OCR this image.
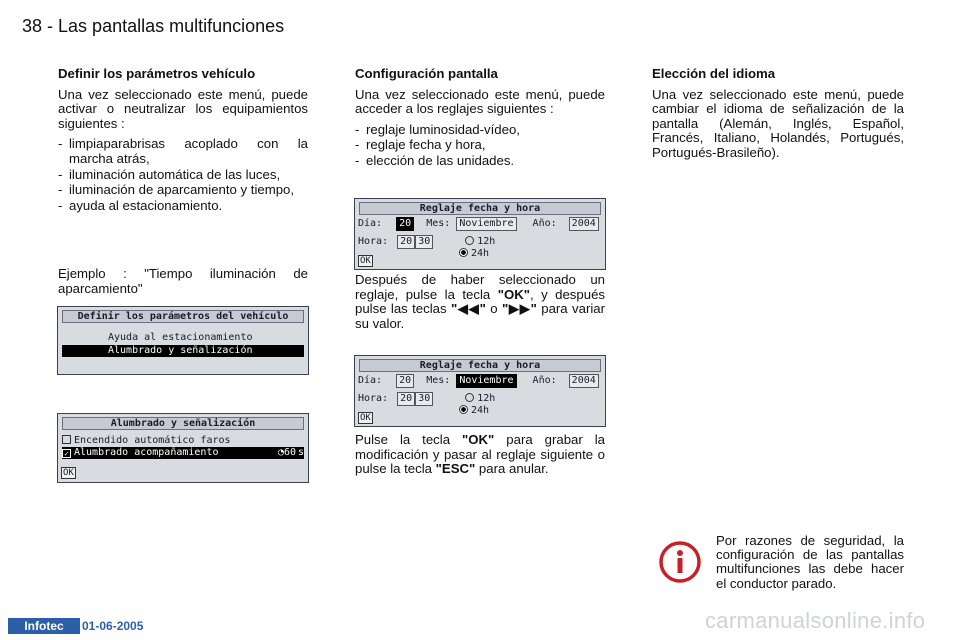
38 - Las pantallas multifunciones
Definir los parámetros vehículo

Una vez seleccionado este menú, puede activar o neutralizar los equipamientos siguientes :

- limpiaparabrisas acoplado con la marcha atrás,
- iluminación automática de las luces,
- iluminación de aparcamiento y tiempo,
- ayuda al estacionamiento.
Ejemplo : "Tiempo iluminación de aparcamiento"
Definir los parámetros del vehículo
Ayuda al estacionamiento
Alumbrado y señalización
Alumbrado y señalización
Encendido automático faros
✓ Alumbrado acompañamiento	◔ 60 s
OK
Configuración pantalla

Una vez seleccionado este menú, puede acceder a los reglajes siguientes :

- reglaje luminosidad-vídeo,
- reglaje fecha y hora,
- elección de las unidades.
Reglaje fecha y hora
Día: 20 Mes: Noviembre Año: 2004
Hora: 20 30	12h
24h
OK
Después de haber seleccionado un reglaje, pulse la tecla "OK", y después pulse las teclas "◀◀" o "▶▶" para variar su valor.
Reglaje fecha y hora
Día: 20 Mes: Noviembre Año: 2004
Hora: 20 30	12h
24h
OK
Pulse la tecla "OK" para grabar la modificación y pasar al reglaje siguiente o pulse la tecla "ESC" para anular.
Elección del idioma

Una vez seleccionado este menú, puede cambiar el idioma de señalización de la pantalla (Alemán, Inglés, Español, Francés, Italiano, Holandés, Portugués, Portugués-Brasileño).

Por razones de seguridad, la configuración de las pantallas multifunciones las debe hacer el conductor parado.
Infotec	01-06-2005	carmanualsonline.info
